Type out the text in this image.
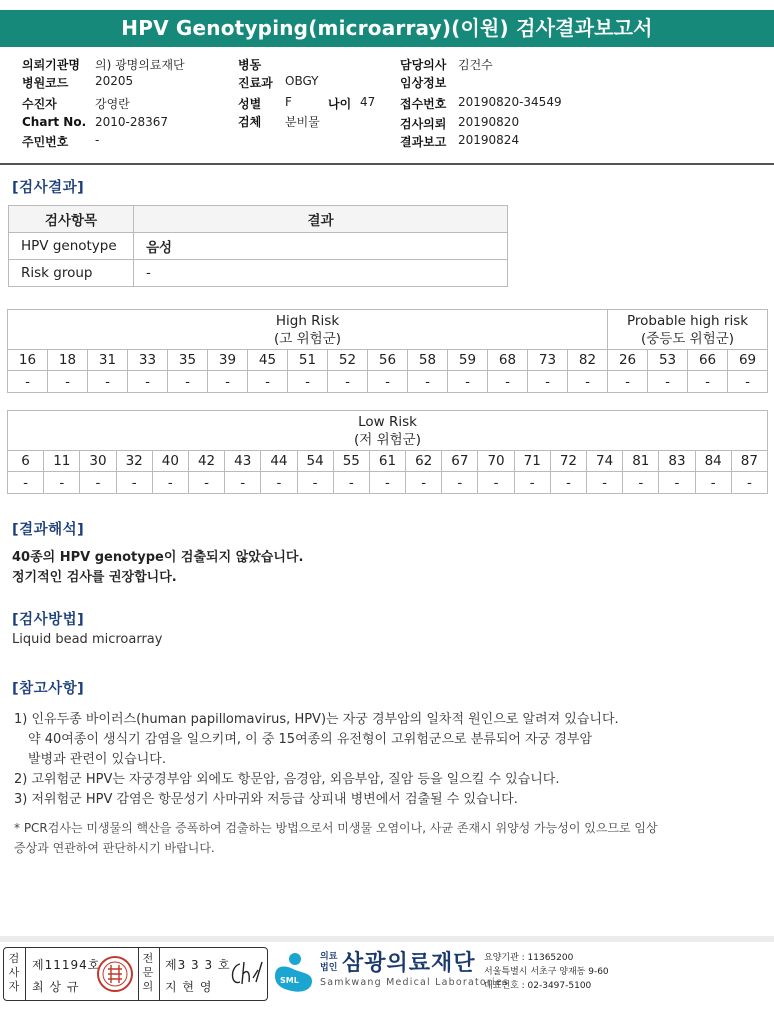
HPV Genotyping(microarray)(이원) 검사결과보고서
의뢰기관명 의) 광명의료재단
병원코드 20205
수진자	강영란
Chart No. 2010-28367
주민번호 -
병동
진료과 OBGY
성별 F	나이 47
검체 분비물
담당의사 김건수
임상정보
접수번호 20190820-34549
검사의뢰 20190820
결과보고 20190824
[검사결과]
검사항목	결과
HPV genotype	음성
Risk group	-
High Risk
(고 위험군)															Probable high risk
(중등도 위험군)			
16	18	31	33	35	39	45	51	52	56	58	59	68	73	82	26	53	66	69
-	-	-	-	-	-	-	-	-	-	-	-	-	-	-	-	-	-	-
Low Risk
(저 위험군)																				
6	11	30	32	40	42	43	44	54	55	61	62	67	70	71	72	74	81	83	84	87
-	-	-	-	-	-	-	-	-	-	-	-	-	-	-	-	-	-	-	-	-
[결과해석]
40종의 HPV genotype이 검출되지 않았습니다.
정기적인 검사를 권장합니다.
[검사방법]
Liquid bead microarray
[참고사항]
1) 인유두종 바이러스(human papillomavirus, HPV)는 자궁 경부암의 일차적 원인으로 알려져 있습니다.
약 40여종이 생식기 감염을 일으키며, 이 중 15여종의 유전형이 고위험군으로 분류되어 자궁 경부암
발병과 관련이 있습니다.
2) 고위험군 HPV는 자궁경부암 외에도 항문암, 음경암, 외음부암, 질암 등을 일으킬 수 있습니다.
3) 저위험군 HPV 감염은 항문성기 사마귀와 저등급 상피내 병변에서 검출될 수 있습니다.
* PCR검사는 미생물의 핵산을 증폭하여 검출하는 방법으로서 미생물 오염이나, 사균 존재시 위양성 가능성이 있으므로 임상
증상과 연관하여 판단하시기 바랍니다.
검
사
자
제11194호
최 상 규
전
문
의
제3 3 3 호
지 현 영	SML
의료
법인 삼광의료재단
Samkwang Medical Laboratories
요양기관 : 11365200
서울특별시 서초구 양재동 9-60
대표번호 : 02-3497-5100
